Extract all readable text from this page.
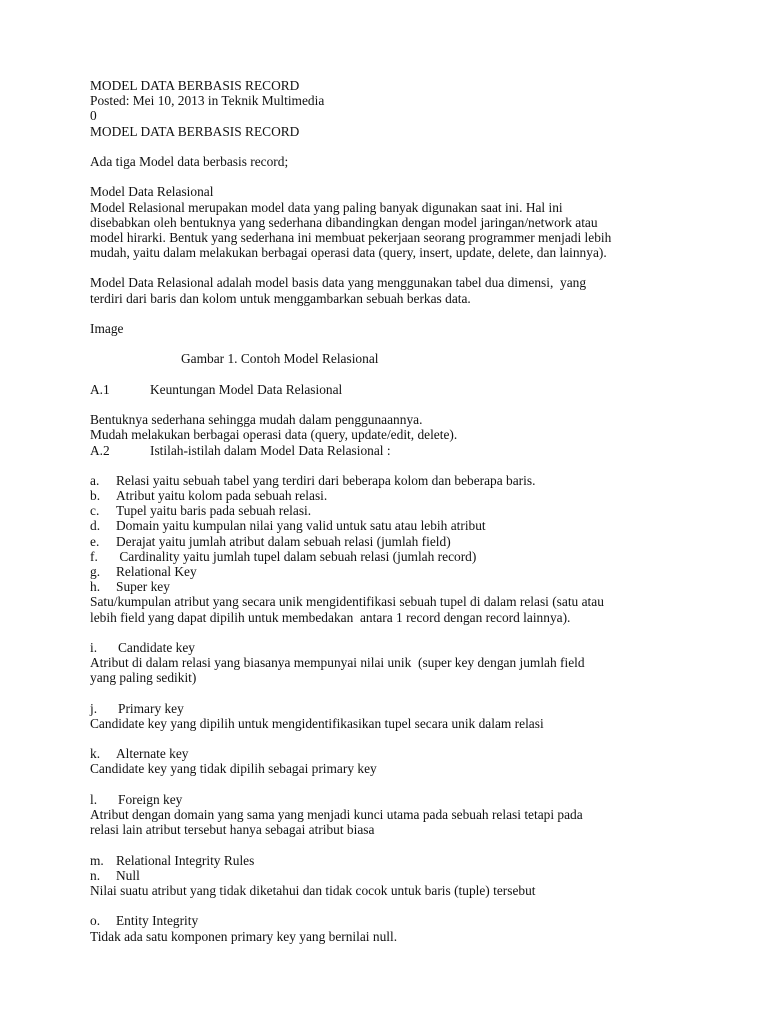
MODEL DATA BERBASIS RECORD
Posted: Mei 10, 2013 in Teknik Multimedia
0
MODEL DATA BERBASIS RECORD
Ada tiga Model data berbasis record;
Model Data Relasional
Model Relasional merupakan model data yang paling banyak digunakan saat ini. Hal ini
disebabkan oleh bentuknya yang sederhana dibandingkan dengan model jaringan/network atau
model hirarki. Bentuk yang sederhana ini membuat pekerjaan seorang programmer menjadi lebih
mudah, yaitu dalam melakukan berbagai operasi data (query, insert, update, delete, dan lainnya).
Model Data Relasional adalah model basis data yang menggunakan tabel dua dimensi,  yang
terdiri dari baris dan kolom untuk menggambarkan sebuah berkas data.
Image
Gambar 1. Contoh Model Relasional
A.1	Keuntungan Model Data Relasional
Bentuknya sederhana sehingga mudah dalam penggunaannya.
Mudah melakukan berbagai operasi data (query, update/edit, delete).
A.2	Istilah-istilah dalam Model Data Relasional :
a. Relasi yaitu sebuah tabel yang terdiri dari beberapa kolom dan beberapa baris.
b. Atribut yaitu kolom pada sebuah relasi.
c. Tupel yaitu baris pada sebuah relasi.
d. Domain yaitu kumpulan nilai yang valid untuk satu atau lebih atribut
e. Derajat yaitu jumlah atribut dalam sebuah relasi (jumlah field)
f. Cardinality yaitu jumlah tupel dalam sebuah relasi (jumlah record)
g. Relational Key
h. Super key
Satu/kumpulan atribut yang secara unik mengidentifikasi sebuah tupel di dalam relasi (satu atau
lebih field yang dapat dipilih untuk membedakan  antara 1 record dengan record lainnya).
i. Candidate key
Atribut di dalam relasi yang biasanya mempunyai nilai unik  (super key dengan jumlah field
yang paling sedikit)
j. Primary key
Candidate key yang dipilih untuk mengidentifikasikan tupel secara unik dalam relasi
k. Alternate key
Candidate key yang tidak dipilih sebagai primary key
l. Foreign key
Atribut dengan domain yang sama yang menjadi kunci utama pada sebuah relasi tetapi pada
relasi lain atribut tersebut hanya sebagai atribut biasa
m. Relational Integrity Rules
n. Null
Nilai suatu atribut yang tidak diketahui dan tidak cocok untuk baris (tuple) tersebut
o. Entity Integrity
Tidak ada satu komponen primary key yang bernilai null.
